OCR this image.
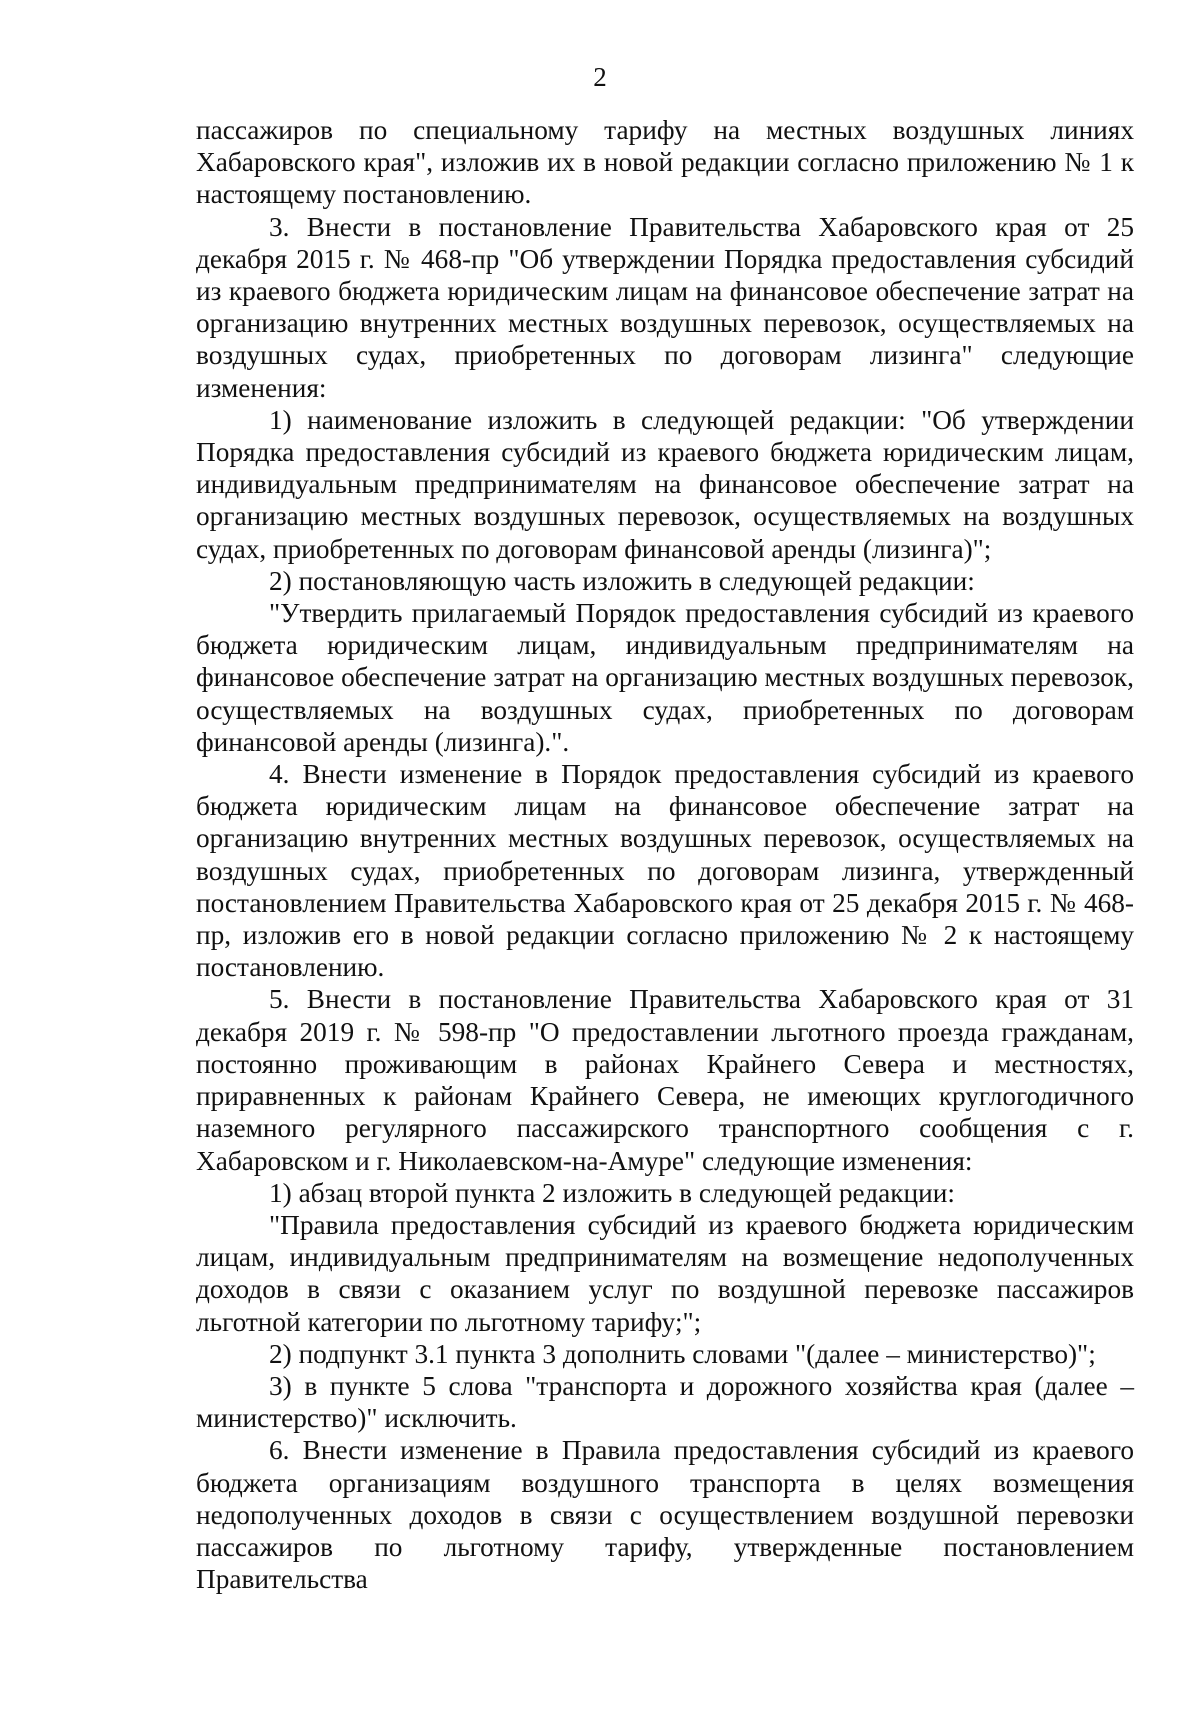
2

пассажиров по специальному тарифу на местных воздушных линиях Хабаровского края", изложив их в новой редакции согласно приложению № 1 к настоящему постановлению.

3. Внести в постановление Правительства Хабаровского края от 25 декабря 2015 г. № 468-пр "Об утверждении Порядка предоставления субсидий из краевого бюджета юридическим лицам на финансовое обеспечение затрат на организацию внутренних местных воздушных перевозок, осуществляемых на воздушных судах, приобретенных по договорам лизинга" следующие изменения:

1) наименование изложить в следующей редакции: "Об утверждении Порядка предоставления субсидий из краевого бюджета юридическим лицам, индивидуальным предпринимателям на финансовое обеспечение затрат на организацию местных воздушных перевозок, осуществляемых на воздушных судах, приобретенных по договорам финансовой аренды (лизинга)";

2) постановляющую часть изложить в следующей редакции:

"Утвердить прилагаемый Порядок предоставления субсидий из краевого бюджета юридическим лицам, индивидуальным предпринимателям на финансовое обеспечение затрат на организацию местных воздушных перевозок, осуществляемых на воздушных судах, приобретенных по договорам финансовой аренды (лизинга).".

4. Внести изменение в Порядок предоставления субсидий из краевого бюджета юридическим лицам на финансовое обеспечение затрат на организацию внутренних местных воздушных перевозок, осуществляемых на воздушных судах, приобретенных по договорам лизинга, утвержденный постановлением Правительства Хабаровского края от 25 декабря 2015 г. № 468-пр, изложив его в новой редакции согласно приложению № 2 к настоящему постановлению.

5. Внести в постановление Правительства Хабаровского края от 31 декабря 2019 г. № 598-пр "О предоставлении льготного проезда гражданам, постоянно проживающим в районах Крайнего Севера и местностях, приравненных к районам Крайнего Севера, не имеющих круглогодичного наземного регулярного пассажирского транспортного сообщения с г. Хабаровском и г. Николаевском-на-Амуре" следующие изменения:

1) абзац второй пункта 2 изложить в следующей редакции:

"Правила предоставления субсидий из краевого бюджета юридическим лицам, индивидуальным предпринимателям на возмещение недополученных доходов в связи с оказанием услуг по воздушной перевозке пассажиров льготной категории по льготному тарифу;";

2) подпункт 3.1 пункта 3 дополнить словами "(далее – министерство)";

3) в пункте 5 слова "транспорта и дорожного хозяйства края (далее – министерство)" исключить.

6. Внести изменение в Правила предоставления субсидий из краевого бюджета организациям воздушного транспорта в целях возмещения недополученных доходов в связи с осуществлением воздушной перевозки пассажиров по льготному тарифу, утвержденные постановлением Правительства
